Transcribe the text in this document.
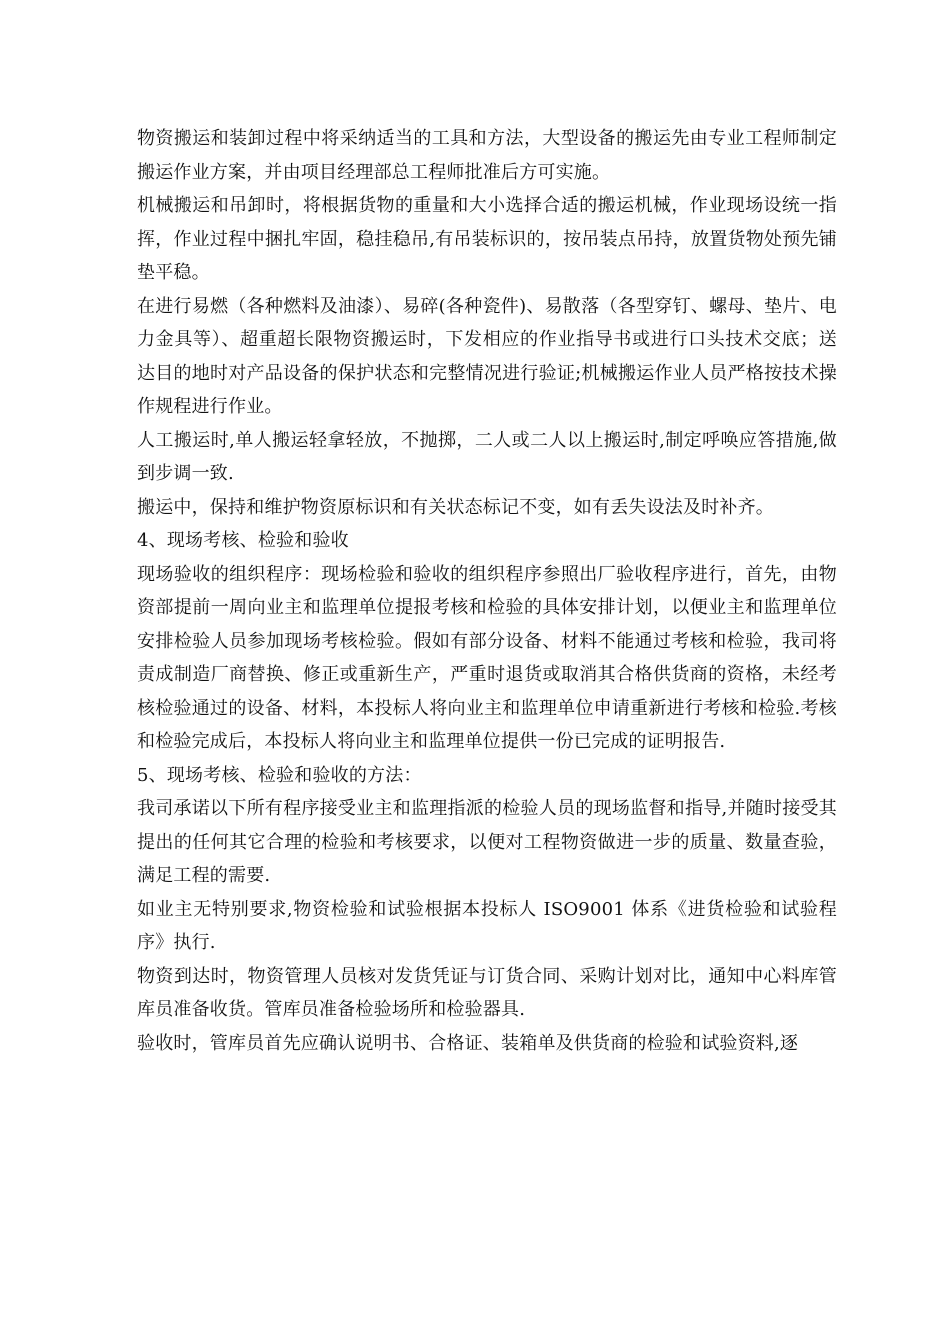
物资搬运和装卸过程中将采纳适当的工具和方法，大型设备的搬运先由专业工程师制定搬运作业方案，并由项目经理部总工程师批准后方可实施。

机械搬运和吊卸时，将根据货物的重量和大小选择合适的搬运机械，作业现场设统一指挥，作业过程中捆扎牢固，稳挂稳吊,有吊装标识的，按吊装点吊持，放置货物处预先铺垫平稳。

在进行易燃（各种燃料及油漆）、易碎(各种瓷件)、易散落（各型穿钉、螺母、垫片、电力金具等）、超重超长限物资搬运时，下发相应的作业指导书或进行口头技术交底；送达目的地时对产品设备的保护状态和完整情况进行验证;机械搬运作业人员严格按技术操作规程进行作业。

人工搬运时,单人搬运轻拿轻放，不抛掷，二人或二人以上搬运时,制定呼唤应答措施,做到步调一致.

搬运中，保持和维护物资原标识和有关状态标记不变，如有丢失设法及时补齐。

4、现场考核、检验和验收

现场验收的组织程序：现场检验和验收的组织程序参照出厂验收程序进行，首先，由物资部提前一周向业主和监理单位提报考核和检验的具体安排计划，以便业主和监理单位安排检验人员参加现场考核检验。假如有部分设备、材料不能通过考核和检验，我司将责成制造厂商替换、修正或重新生产，严重时退货或取消其合格供货商的资格，未经考核检验通过的设备、材料，本投标人将向业主和监理单位申请重新进行考核和检验.考核和检验完成后，本投标人将向业主和监理单位提供一份已完成的证明报告.

5、现场考核、检验和验收的方法：

我司承诺以下所有程序接受业主和监理指派的检验人员的现场监督和指导,并随时接受其提出的任何其它合理的检验和考核要求，以便对工程物资做进一步的质量、数量查验，满足工程的需要.

如业主无特别要求,物资检验和试验根据本投标人 ISO9001 体系《进货检验和试验程序》执行.

物资到达时，物资管理人员核对发货凭证与订货合同、采购计划对比，通知中心料库管库员准备收货。管库员准备检验场所和检验器具.

验收时，管库员首先应确认说明书、合格证、装箱单及供货商的检验和试验资料,逐
